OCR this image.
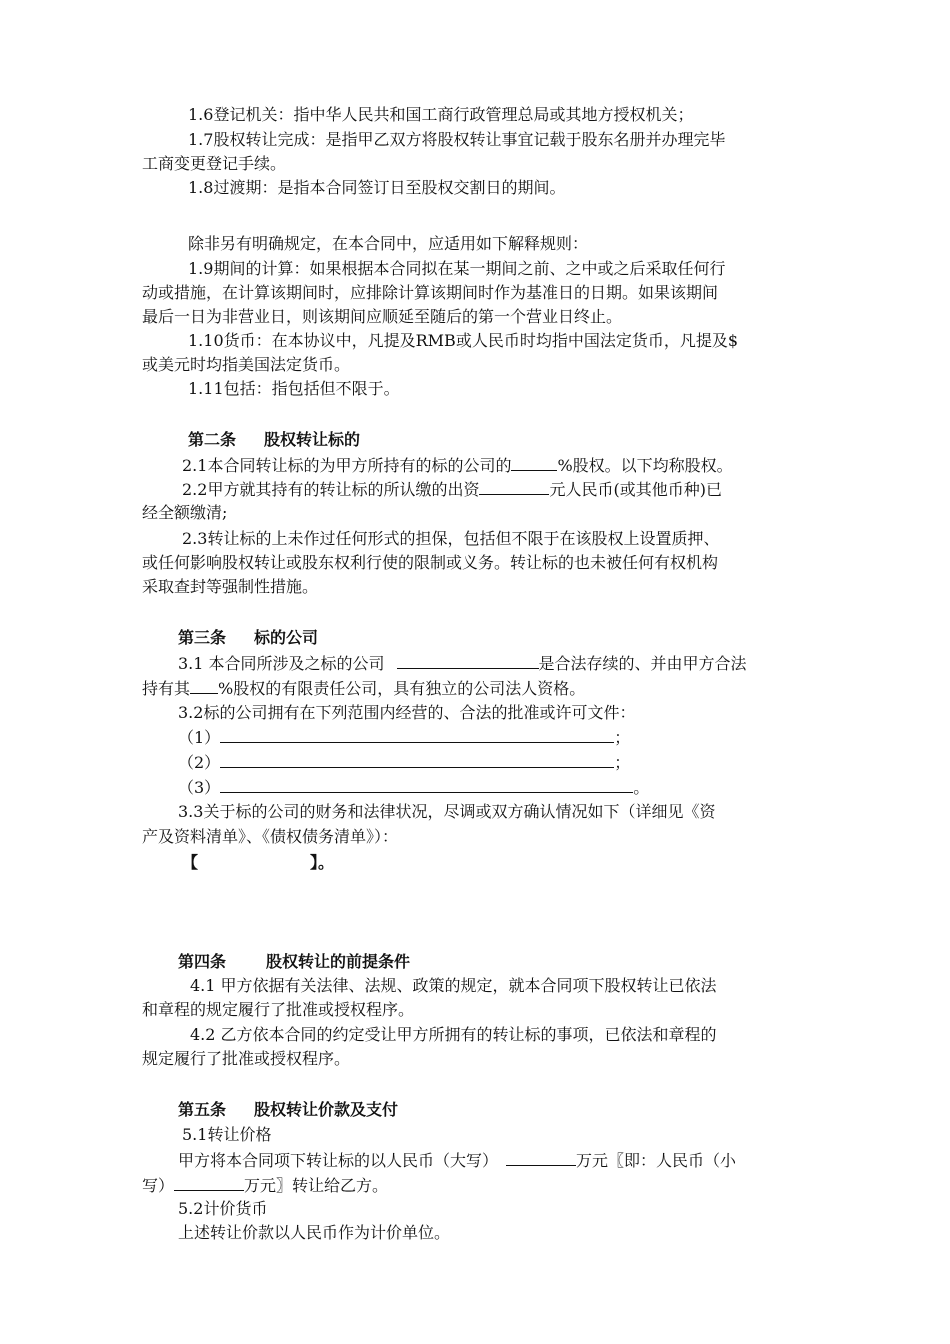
1.6登记机关：指中华人民共和国工商行政管理总局或其地方授权机关；
1.7股权转让完成：是指甲乙双方将股权转让事宜记载于股东名册并办理完毕
工商变更登记手续。
1.8过渡期：是指本合同签订日至股权交割日的期间。
除非另有明确规定，在本合同中，应适用如下解释规则：
1.9期间的计算：如果根据本合同拟在某一期间之前、之中或之后采取任何行
动或措施，在计算该期间时，应排除计算该期间时作为基准日的日期。如果该期间
最后一日为非营业日，则该期间应顺延至随后的第一个营业日终止。
1.10货币：在本协议中，凡提及RMB或人民币时均指中国法定货币，凡提及$
或美元时均指美国法定货币。
1.11包括：指包括但不限于。
第二条 股权转让标的
2.1本合同转让标的为甲方所持有的标的公司的	%股权。以下均称股权。
2.2甲方就其持有的转让标的所认缴的出资	元人民币(或其他币种)已
经全额缴清;
2.3转让标的上未作过任何形式的担保，包括但不限于在该股权上设置质押、
或任何影响股权转让或股东权利行使的限制或义务。转让标的也未被任何有权机构
采取查封等强制性措施。
第三条 标的公司
3.1 本合同所涉及之标的公司	是合法存续的、并由甲方合法
持有其 %股权的有限责任公司，具有独立的公司法人资格。
3.2标的公司拥有在下列范围内经营的、合法的批准或许可文件：
（1）	；
（2）	；
（3）	。
3.3关于标的公司的财务和法律状况，尽调或双方确认情况如下（详细见《资
产及资料清单》、《债权债务清单》）：
【	】。
第四条	股权转让的前提条件
4.1 甲方依据有关法律、法规、政策的规定，就本合同项下股权转让已依法
和章程的规定履行了批准或授权程序。
4.2 乙方依本合同的约定受让甲方所拥有的转让标的事项，已依法和章程的
规定履行了批准或授权程序。
第五条 股权转让价款及支付
5.1转让价格
甲方将本合同项下转让标的以人民币（大写）	万元〖即：人民币（小
写）	万元〗转让给乙方。
5.2计价货币
上述转让价款以人民币作为计价单位。
